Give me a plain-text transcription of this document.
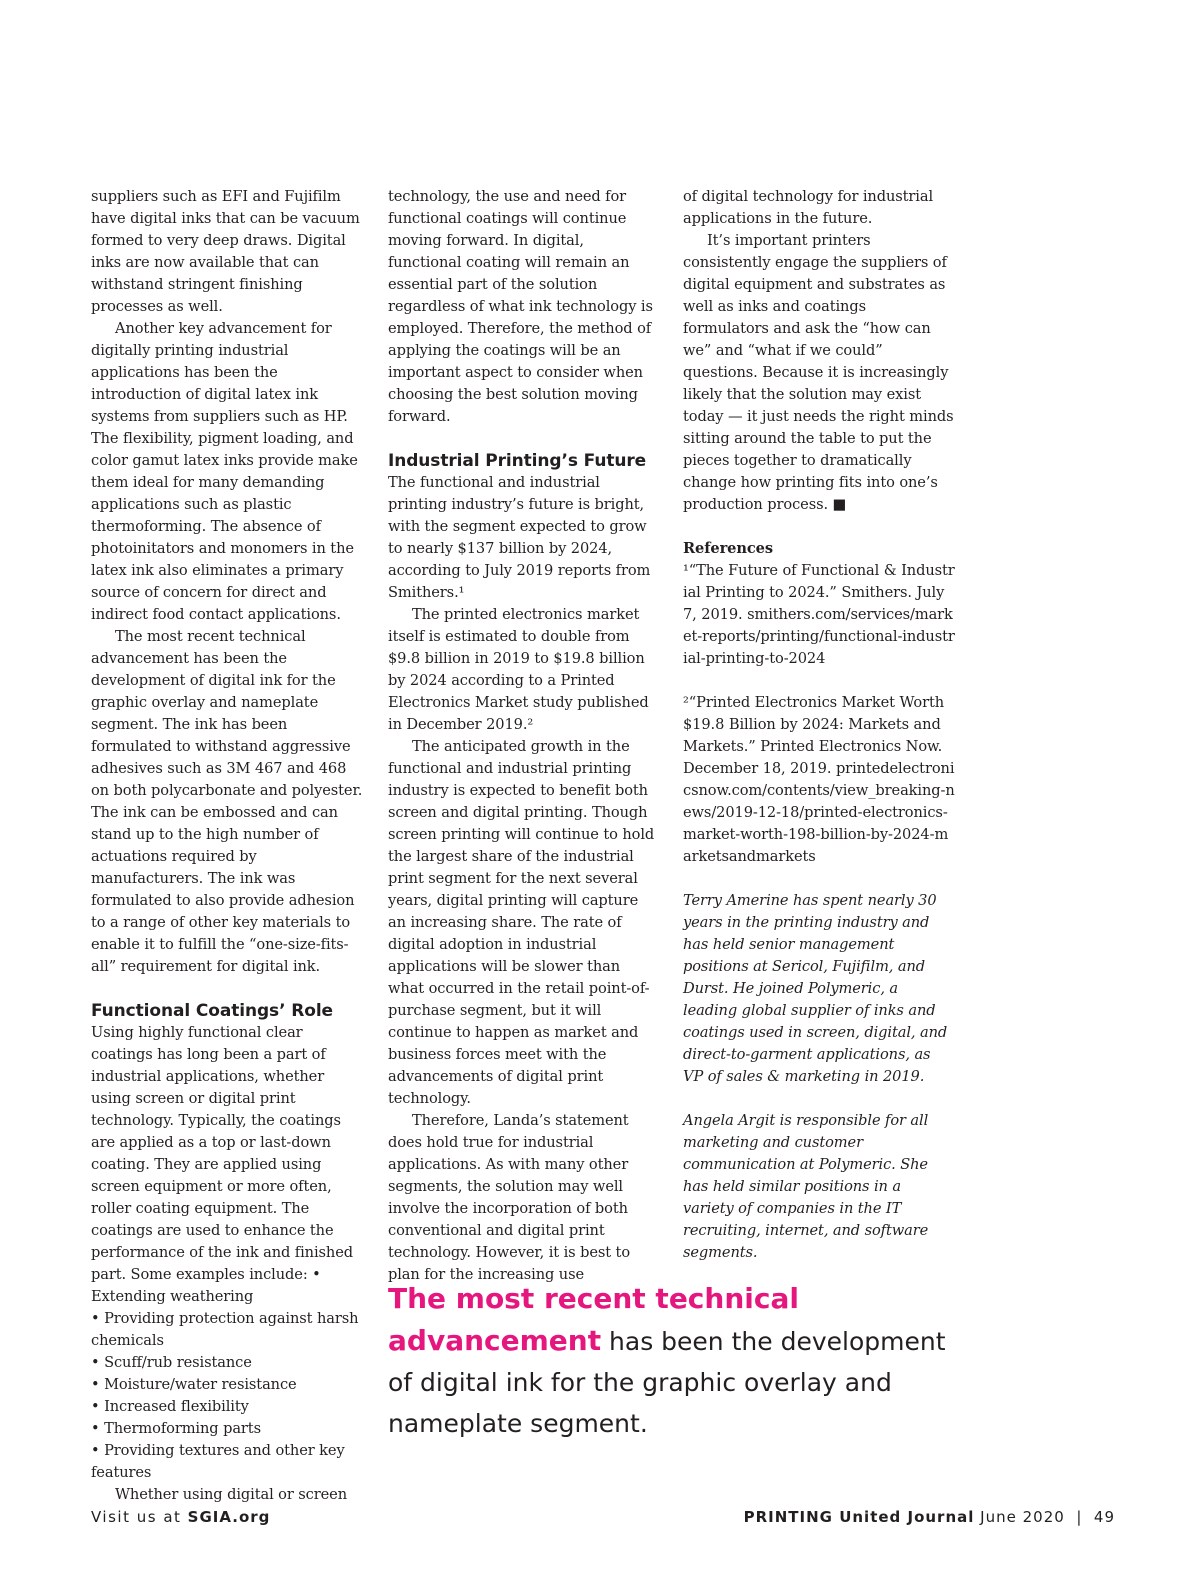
suppliers such as EFI and Fujifilm have digital inks that can be vacuum formed to very deep draws. Digital inks are now available that can withstand stringent finishing processes as well.

Another key advancement for digitally printing industrial applications has been the introduction of digital latex ink systems from suppliers such as HP. The flexibility, pigment loading, and color gamut latex inks provide make them ideal for many demanding applications such as plastic thermoforming. The absence of photoinitators and monomers in the latex ink also eliminates a primary source of concern for direct and indirect food contact applications.

The most recent technical advancement has been the development of digital ink for the graphic overlay and nameplate segment. The ink has been formulated to withstand aggressive adhesives such as 3M 467 and 468 on both polycarbonate and polyester. The ink can be embossed and can stand up to the high number of actuations required by manufacturers. The ink was formulated to also provide adhesion to a range of other key materials to enable it to fulfill the “one-size-fits-all” requirement for digital ink.

Functional Coatings’ Role

Using highly functional clear coatings has long been a part of industrial applications, whether using screen or digital print technology. Typically, the coatings are applied as a top or last-down coating. They are applied using screen equipment or more often, roller coating equipment. The coatings are used to enhance the performance of the ink and finished part. Some examples include: • Extending weathering

• Providing protection against harsh chemicals
• Scuff/rub resistance
• Moisture/water resistance
• Increased flexibility
• Thermoforming parts
• Providing textures and other key features

Whether using digital or screen

technology, the use and need for functional coatings will continue moving forward. In digital, functional coating will remain an essential part of the solution regardless of what ink technology is employed. Therefore, the method of applying the coatings will be an important aspect to consider when choosing the best solution moving forward.

Industrial Printing’s Future

The functional and industrial printing industry’s future is bright, with the segment expected to grow to nearly $137 billion by 2024, according to July 2019 reports from Smithers.¹

The printed electronics market itself is estimated to double from $9.8 billion in 2019 to $19.8 billion by 2024 according to a Printed Electronics Market study published in December 2019.²

The anticipated growth in the functional and industrial printing industry is expected to benefit both screen and digital printing. Though screen printing will continue to hold the largest share of the industrial print segment for the next several years, digital printing will capture an increasing share. The rate of digital adoption in industrial applications will be slower than what occurred in the retail point-of-purchase segment, but it will continue to happen as market and business forces meet with the advancements of digital print technology.

Therefore, Landa’s statement does hold true for industrial applications. As with many other segments, the solution may well involve the incorporation of both conventional and digital print technology. However, it is best to plan for the increasing use

of digital technology for industrial applications in the future.

It’s important printers consistently engage the suppliers of digital equipment and substrates as well as inks and coatings formulators and ask the “how can we” and “what if we could” questions. Because it is increasingly likely that the solution may exist today — it just needs the right minds sitting around the table to put the pieces together to dramatically change how printing fits into one’s production process. ■

References

¹“The Future of Functional & Industrial Printing to 2024.” Smithers. July 7, 2019. smithers.com/services/market-reports/printing/functional-industrial-printing-to-2024

²“Printed Electronics Market Worth $19.8 Billion by 2024: Markets and Markets.” Printed Electronics Now. December 18, 2019. printedelectronicsnow.com/contents/view_breaking-news/2019-12-18/printed-electronics-market-worth-198-billion-by-2024-marketsandmarkets

Terry Amerine has spent nearly 30 years in the printing industry and has held senior management positions at Sericol, Fujifilm, and Durst. He joined Polymeric, a leading global supplier of inks and coatings used in screen, digital, and direct-to-garment applications, as VP of sales & marketing in 2019.

Angela Argit is responsible for all marketing and customer communication at Polymeric. She has held similar positions in a variety of companies in the IT recruiting, internet, and software segments.

The most recent technical advancement has been the development of digital ink for the graphic overlay and nameplate segment.
Visit us at SGIA.org	PRINTING United Journal June 2020  |  49
